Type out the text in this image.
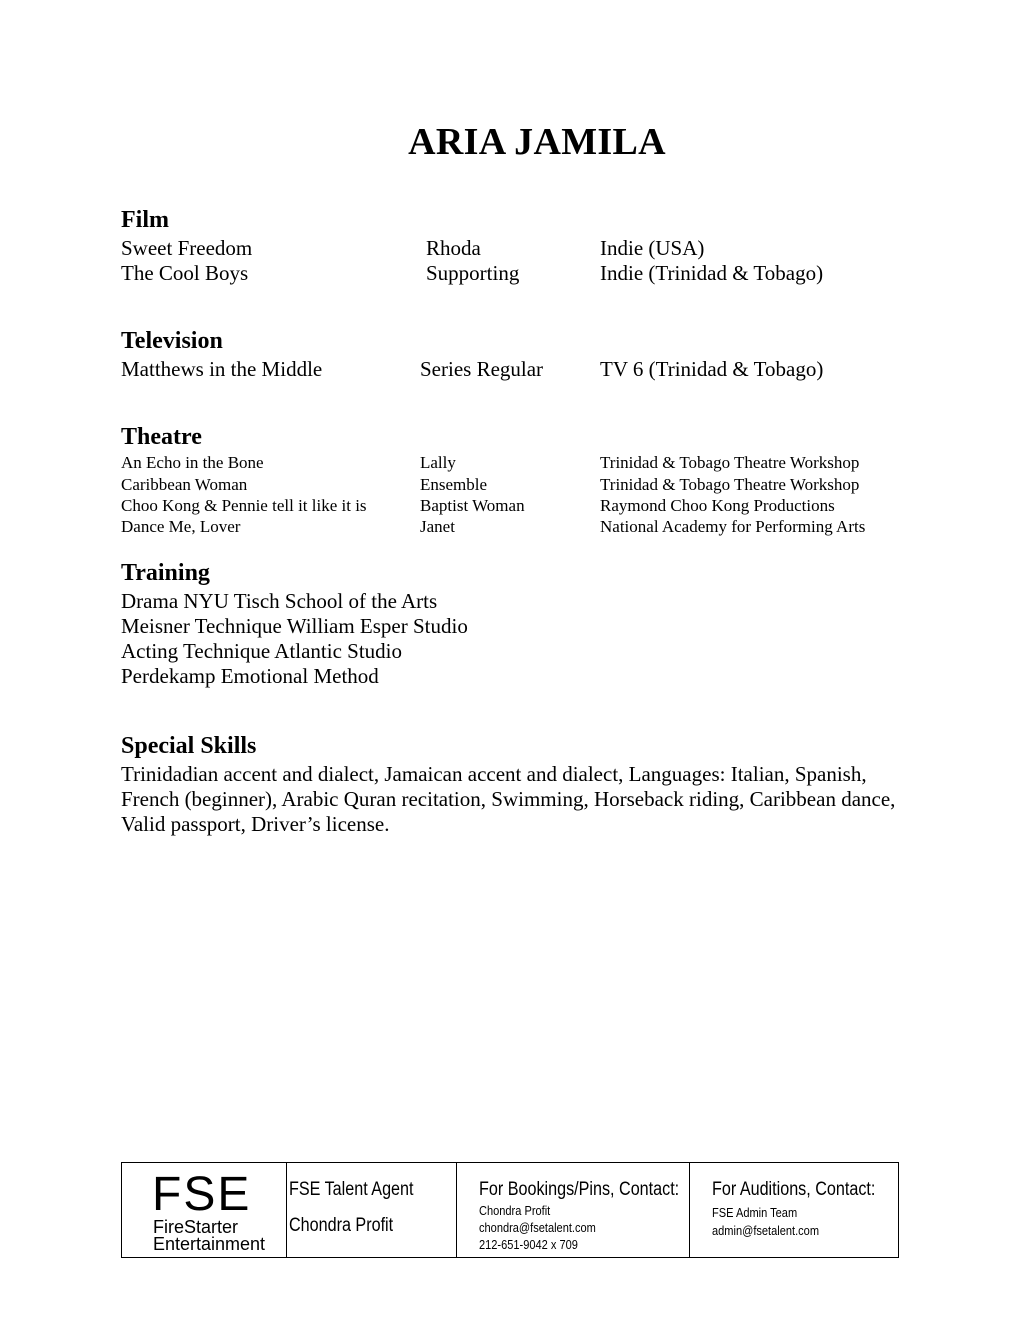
ARIA JAMILA
Film
Sweet Freedom	Rhoda	Indie (USA)
The Cool Boys	Supporting	Indie (Trinidad & Tobago)
Television
Matthews in the Middle	Series Regular	TV 6 (Trinidad & Tobago)
Theatre
An Echo in the Bone	Lally	Trinidad & Tobago Theatre Workshop
Caribbean Woman	Ensemble	Trinidad & Tobago Theatre Workshop
Choo Kong & Pennie tell it like it is	Baptist Woman	Raymond Choo Kong Productions
Dance Me, Lover	Janet	National Academy for Performing Arts
Training
Drama NYU Tisch School of the Arts
Meisner Technique William Esper Studio
Acting Technique Atlantic Studio
Perdekamp Emotional Method
Special Skills
Trinidadian accent and dialect, Jamaican accent and dialect, Languages: Italian, Spanish, French (beginner), Arabic Quran recitation, Swimming, Horseback riding, Caribbean dance, Valid passport, Driver’s license.
FSE
FireStarter
Entertainment
FSE Talent Agent
Chondra Profit
For Bookings/Pins, Contact:
Chondra Profit
chondra@fsetalent.com
212-651-9042 x 709
For Auditions, Contact:
FSE Admin Team
admin@fsetalent.com
